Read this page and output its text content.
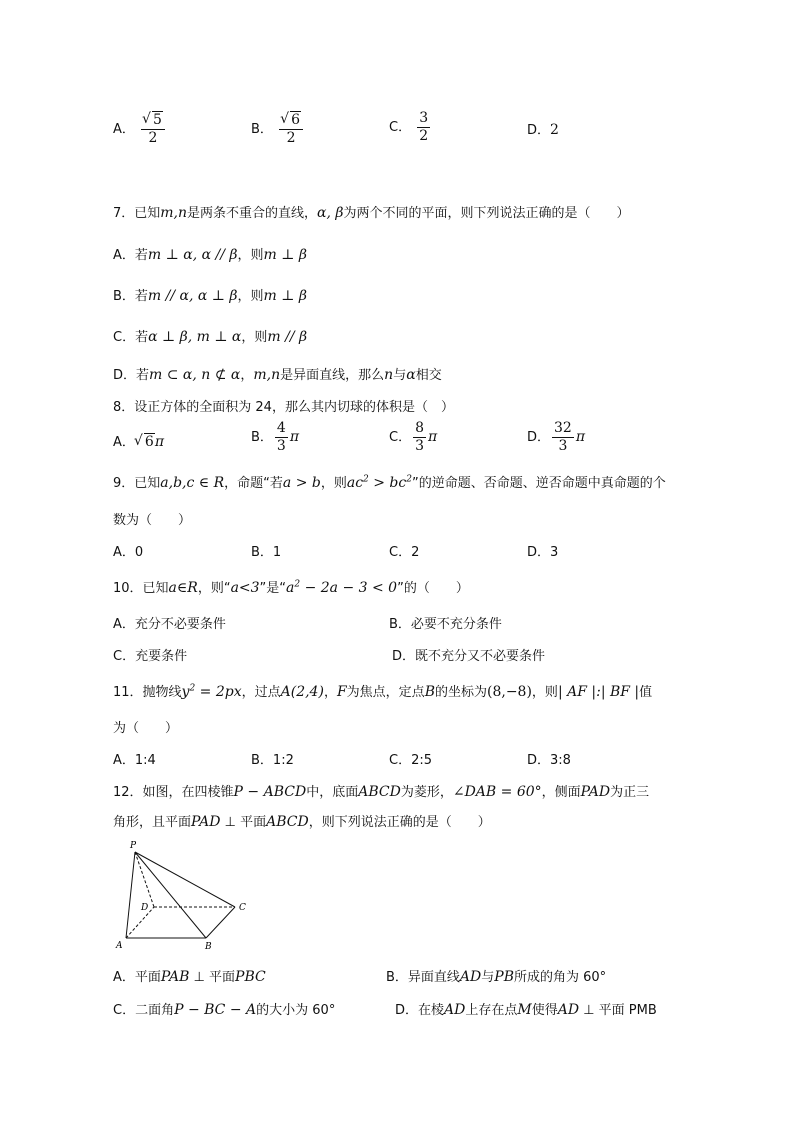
A． √ $\frac{5}{2}$	B． √ $\frac{6}{2}$	C． $\frac{3}{2}$	D．2
7．已知m,n是两条不重合的直线，α, β为两个不同的平面，则下列说法正确的是（　　）
A．若m ⊥ α, α // β，则m ⊥ β
B．若m // α, α ⊥ β，则m ⊥ β
C．若α ⊥ β, m ⊥ α，则m // β
D．若m ⊂ α, n ⊄ α，m,n是异面直线，那么n与α相交
8．设正方体的全面积为 24，那么其内切球的体积是（　）
A． √ 6π	B． $\frac{4}{3}$ π	C． $\frac{8}{3}$ π	D． $\frac{32}{3}$ π
9．已知a,b,c ∈ R，命题“若a > b，则$ac^2 > bc^2$”的逆命题、否命题、逆否命题中真命题的个
数为（　　）
A．0	B．1	C．2	D．3
10．已知a∈R，则“a<3”是“$a^2 - 2a - 3 < 0$”的（　　）
A．充分不必要条件	B．必要不充分条件
C．充要条件	D．既不充分又不必要条件
11．抛物线$y^2 = 2px$，过点A(2,4)，F为焦点，定点B的坐标为(8,−8)，则| AF |:| BF |值
为（　　）
A．1:4	B．1:2	C．2:5	D．3:8
12．如图，在四棱锥P − ABCD中，底面ABCD为菱形，∠DAB = 60°，侧面PAD为正三
角形，且平面PAD ⊥ 平面ABCD，则下列说法正确的是（　　）
P
D	C
A	B
A．平面PAB ⊥ 平面PBC	B．异面直线AD与PB所成的角为 60°
C．二面角P − BC − A的大小为 60°	D．在棱AD上存在点M使得AD ⊥ 平面 PMB
